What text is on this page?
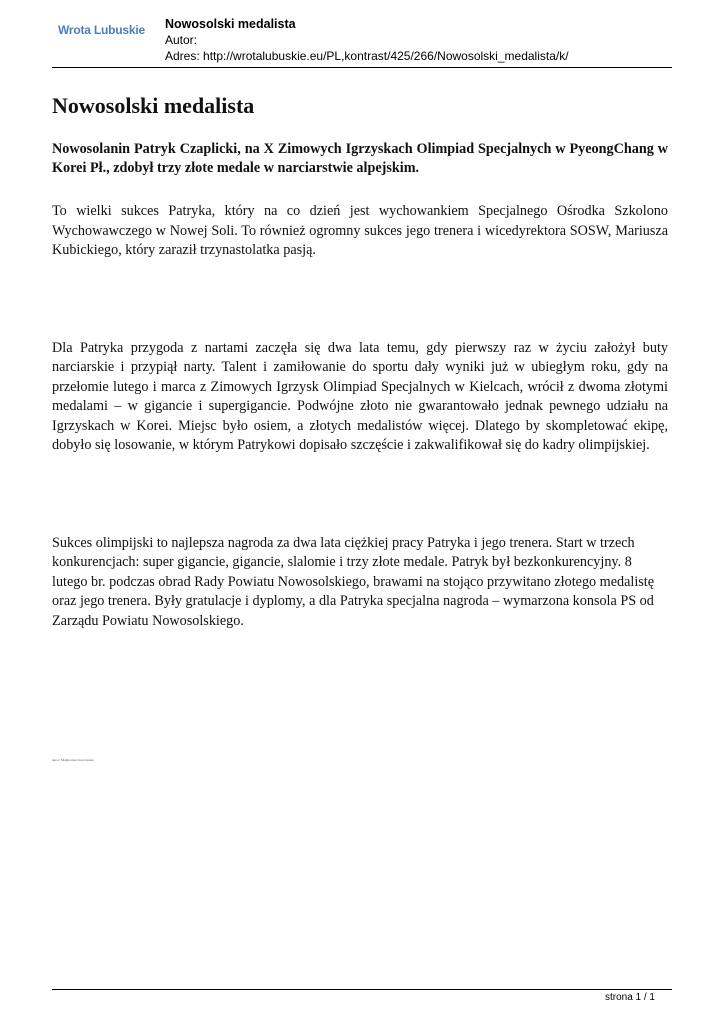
Wrota Lubuskie Nowosolski medalista
Autor:
Adres: http://wrotalubuskie.eu/PL,kontrast/425/266/Nowosolski_medalista/k/
Nowosolski medalista

Nowosolanin Patryk Czaplicki, na X Zimowych Igrzyskach Olimpiad Specjalnych w PyeongChang w Korei Pł., zdobył trzy złote medale w narciarstwie alpejskim.

To wielki sukces Patryka, który na co dzień jest wychowankiem Specjalnego Ośrodka Szkolono Wychowawczego w Nowej Soli. To również ogromny sukces jego trenera i wicedyrektora SOSW, Mariusza Kubickiego, który zaraził trzynastolatka pasją.

Dla Patryka przygoda z nartami zaczęła się dwa lata temu, gdy pierwszy raz w życiu założył buty narciarskie i przypiął narty. Talent i zamiłowanie do sportu dały wyniki już w ubiegłym roku, gdy na przełomie lutego i marca z Zimowych Igrzysk Olimpiad Specjalnych w Kielcach, wrócił z dwoma złotymi medalami – w gigancie i supergigancie. Podwójne złoto nie gwarantowało jednak pewnego udziału na Igrzyskach w Korei. Miejsc było osiem, a złotych medalistów więcej. Dlatego by skompletować ekipę, dobyło się losowanie, w którym Patrykowi dopisało szczęście i zakwalifikował się do kadry olimpijskiej.

Sukces olimpijski to najlepsza nagroda za dwa lata ciężkiej pracy Patryka i jego trenera. Start w trzech konkurencjach: super gigancie, gigancie, slalomie i trzy złote medale. Patryk był bezkonkurencyjny. 8 lutego br. podczas obrad Rady Powiatu Nowosolskiego, brawami na stojąco przywitano złotego medalistę oraz jego trenera. Były gratulacje i dyplomy, a dla Patryka specjalna nagroda – wymarzona konsola PS od Zarządu Powiatu Nowosolskiego.

autor: Małgorzata Gorzowska
strona 1 / 1
